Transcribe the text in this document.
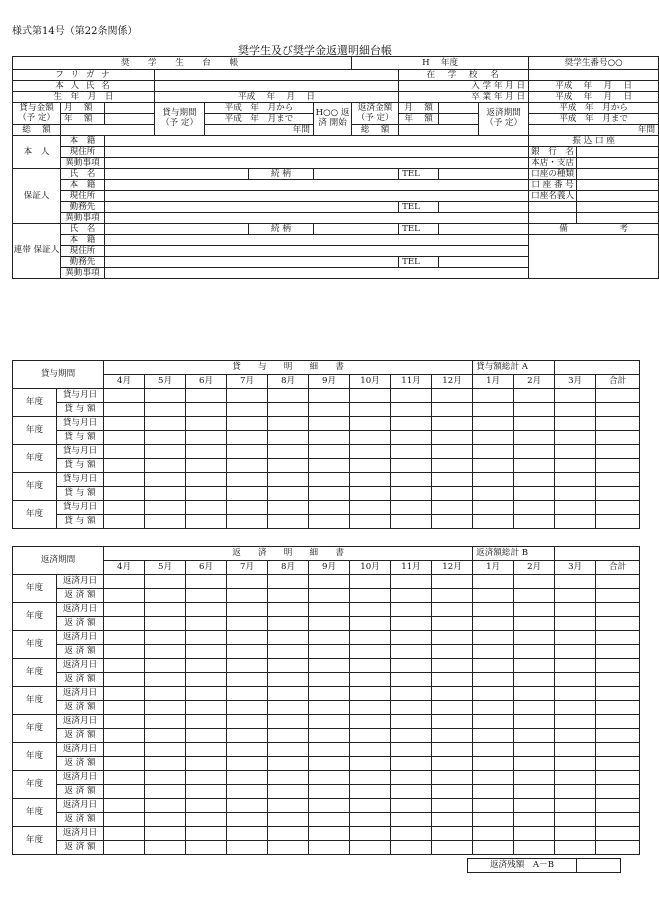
様式第14号（第22条関係）
奨学生及び奨学金返還明細台帳
奨　学　生　台　帳							H　 年度				奨学生番号○○	
フ リ ガ ナ								在　学　校　名				
本 人 氏 名								入 学 年 月 日			平成　 年　 月　 日	
生　年　月　日			平成　 年　 月　 日					卒 業 年 月 日			平成　 年　 月　 日	
貸与金額 （予 定）	月　 額		貸与期間 （予 定）	平成　年　月から		H○○ 返済 開始	返済金額 （予 定）	月　 額		返済期間 （予 定）	平成　年　月から	
	年　 額			平成　年　月まで				年　 額			平成　年　月まで	
総　 額				年間			総　 額				年間	
本　人	本　籍										振 込 口 座	
	現住所										銀　行　名	
	異動事項										本店・支店	
保証人	氏　名				続 柄			TEL			口座の種類	
	本　籍										口 座 番 号	
	現住所										口座名義人	
	勤務先							TEL				
	異動事項											
連帯 保証人	氏　名				続 柄			TEL			備　　　　　　考	
	本　籍											
	現住所											
	勤務先							TEL				
	異動事項											
貸与期間		貸　　与　　明　　細　　書									貸与額総計 A			
		4月	5月	6月	7月	8月	9月	10月	11月	12月	1月	2月	3月	合計
年度	貸与月日													
	貸 与 額													
年度	貸与月日													
	貸 与 額													
年度	貸与月日													
	貸 与 額													
年度	貸与月日													
	貸 与 額													
年度	貸与月日													
	貸 与 額													
返済期間		返　　済　　明　　細　　書									返済額総計 B			
		4月	5月	6月	7月	8月	9月	10月	11月	12月	1月	2月	3月	合計
年度	返済月日													
	返 済 額													
年度	返済月日													
	返 済 額													
年度	返済月日													
	返 済 額													
年度	返済月日													
	返 済 額													
年度	返済月日													
	返 済 額													
年度	返済月日													
	返 済 額													
年度	返済月日													
	返 済 額													
年度	返済月日													
	返 済 額													
年度	返済月日													
	返 済 額													
年度	返済月日													
	返 済 額													
返済残額　A－B	
